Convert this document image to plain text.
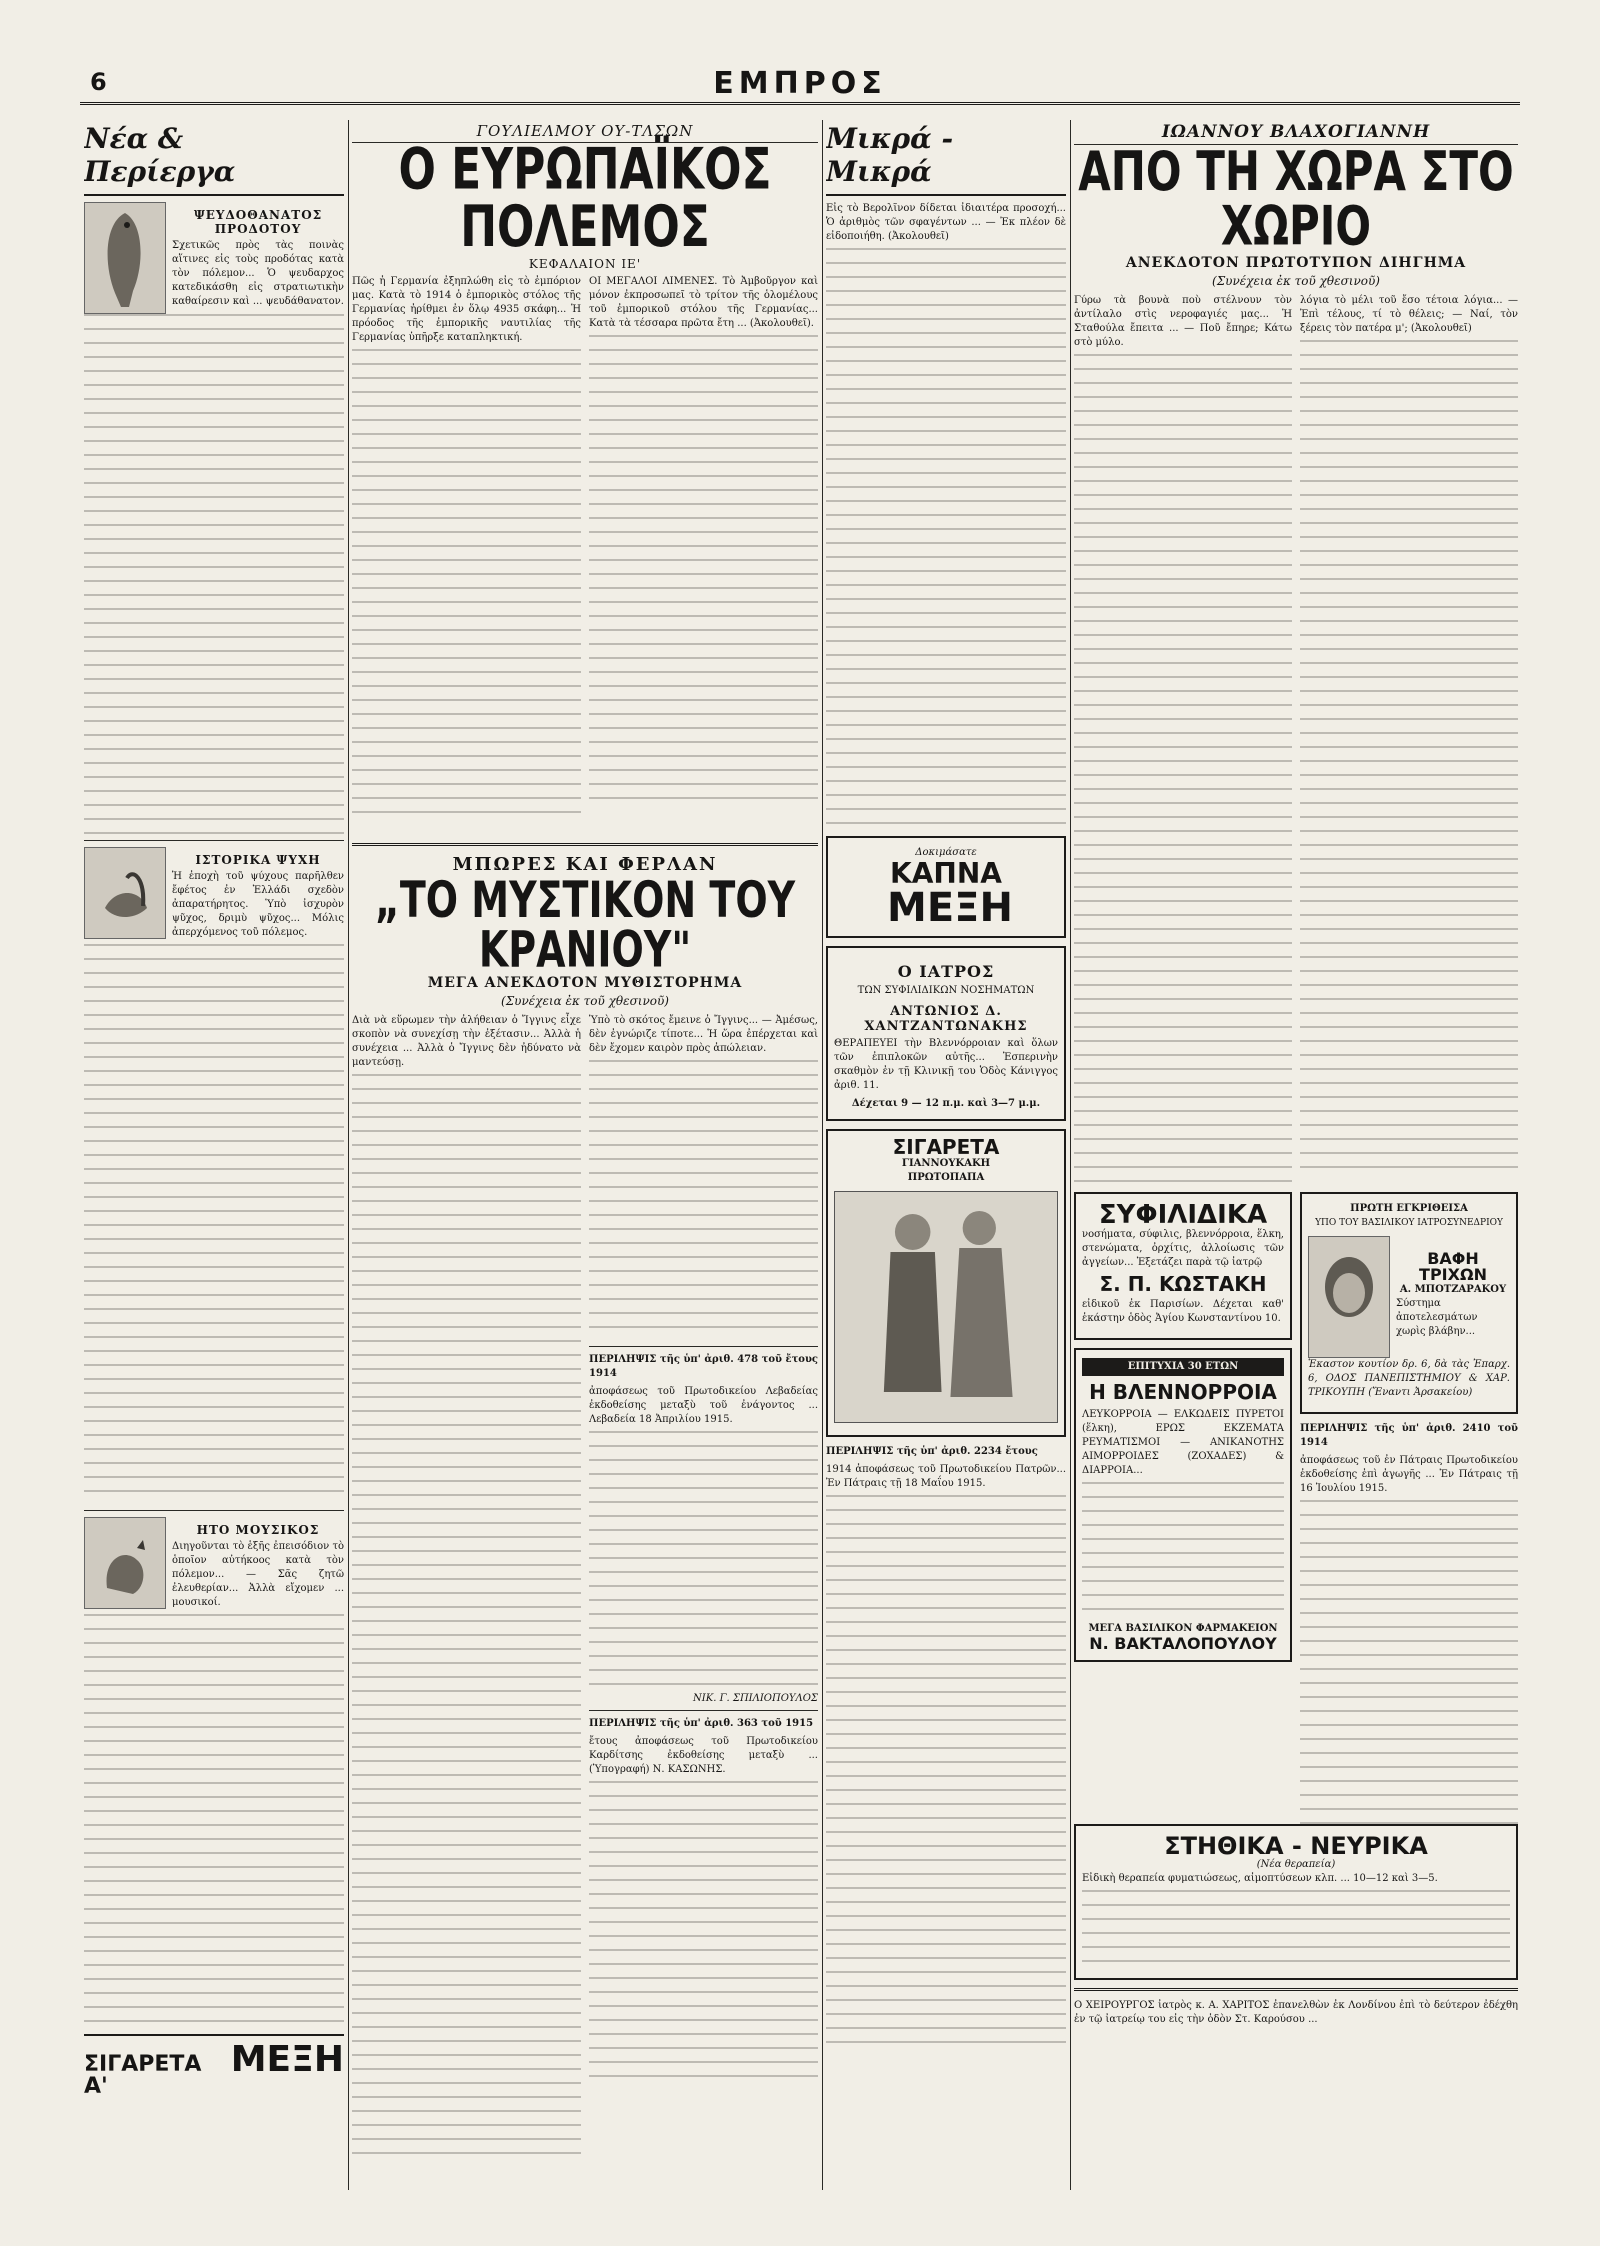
6	ΕΜΠΡΟΣ
Νέα & Περίεργα
ΨΕΥΔΟΘΑΝΑΤΟΣ ΠΡΟΔΟΤΟΥ

Σχετικῶς πρὸς τὰς ποινὰς αἵτινες εἰς τοὺς προδότας κατὰ τὸν πόλεμον... Ὁ ψευδαρχος κατεδικάσθη εἰς στρατιωτικὴν καθαίρεσιν καὶ ... ψευδάθανατον.

ΙΣΤΟΡΙΚΑ ΨΥΧΗ

Ἡ ἐποχὴ τοῦ ψύχους παρῆλθεν ἔφέτος ἐν Ἑλλάδι σχεδὸν ἀπαρατήρητος. Ὑπὸ ἰσχυρὸν ψῦχος, δριμὺ ψῦχος... Μόλις ἀπερχόμενος τοῦ πόλεμος.

ΗΤΟ ΜΟΥΣΙΚΟΣ

Διηγοῦνται τὸ ἑξῆς ἐπεισόδιον τὸ ὁποῖον αὐτήκοος κατὰ τὸν πόλεμον... — Σᾶς ζητῶ ἐλευθερίαν... Ἀλλὰ εἴχομεν ... μουσικοί.

ΣΙΓΑΡΕΤΑ Α'
ΜΕΞΗ
ΓΟΥΛΙΕΛΜΟΥ ΟΥ-ΤΛΣΩΝ
Ο ΕΥΡΩΠΑΪΚΟΣ ΠΟΛΕΜΟΣ
ΚΕΦΑΛΑΙΟΝ ΙΕ'

Πῶς ἡ Γερμανία ἐξηπλώθη εἰς τὸ ἐμπόριον μας. Κατὰ τὸ 1914 ὁ ἐμπορικὸς στόλος τῆς Γερμανίας ἠρίθμει ἐν ὅλῳ 4935 σκάφη... Ἡ πρόοδος τῆς ἐμπορικῆς ναυτιλίας τῆς Γερμανίας ὑπῆρξε καταπληκτική.

ΟΙ ΜΕΓΑΛΟΙ ΛΙΜΕΝΕΣ. Τὸ Ἀμβοῦργον καὶ μόνον ἐκπροσωπεῖ τὸ τρίτον τῆς ὁλομέλους τοῦ ἐμπορικοῦ στόλου τῆς Γερμανίας... Κατὰ τὰ τέσσαρα πρῶτα ἔτη ... (Ἀκολουθεῖ).

ΜΠΩΡΕΣ ΚΑΙ ΦΕΡΛΑΝ
„ΤΟ ΜΥΣΤΙΚΟΝ ΤΟΥ ΚΡΑΝΙΟΥ"
ΜΕΓΑ ΑΝΕΚΔΟΤΟΝ ΜΥΘΙΣΤΟΡΗΜΑ
(Συνέχεια ἐκ τοῦ χθεσινοῦ)

Διὰ νὰ εὕρωμεν τὴν ἀλήθειαν ὁ Ἴγγινς εἶχε σκοπὸν νὰ συνεχίσῃ τὴν ἐξέτασιν... Ἀλλὰ ἡ συνέχεια ... Ἀλλὰ ὁ Ἴγγινς δὲν ἠδύνατο νὰ μαντεύσῃ.

Ὑπὸ τὸ σκότος ἔμεινε ὁ Ἴγγινς... — Ἀμέσως, δὲν ἐγνώριζε τίποτε... Ἡ ὥρα ἐπέρχεται καὶ δὲν ἔχομεν καιρὸν πρὸς ἀπώλειαν.

ΠΕΡΙΛΗΨΙΣ τῆς ὑπ' ἀριθ. 478 τοῦ ἔτους 1914

ἀποφάσεως τοῦ Πρωτοδικείου Λεβαδείας ἐκδοθείσης μεταξὺ τοῦ ἐνάγοντος ... Λεβαδεία 18 Ἀπριλίου 1915.

ΝΙΚ. Γ. ΣΠΙΛΙΟΠΟΥΛΟΣ

ΠΕΡΙΛΗΨΙΣ τῆς ὑπ' ἀριθ. 363 τοῦ 1915

ἔτους ἀποφάσεως τοῦ Πρωτοδικείου Καρδίτσης ἐκδοθείσης μεταξὺ ... (Ὑπογραφή) Ν. ΚΑΣΩΝΗΣ.

Μικρά - Μικρά

Εἰς τὸ Βερολῖνον δίδεται ἰδιαιτέρα προσοχή... Ὁ ἀριθμὸς τῶν σφαγέντων ... — Ἐκ πλέον δὲ εἰδοποιήθη. (Ἀκολουθεῖ)

Δοκιμάσατε
ΚΑΠΝΑ ΜΕΞΗ
Ο ΙΑΤΡΟΣ
ΤΩΝ ΣΥΦΙΛΙΔΙΚΩΝ ΝΟΣΗΜΑΤΩΝ
ΑΝΤΩΝΙΟΣ Δ. ΧΑΝΤΖΑΝΤΩΝΑΚΗΣ

ΘΕΡΑΠΕΥΕΙ τὴν Βλεννόρροιαν καὶ ὅλων τῶν ἐπιπλοκῶν αὐτῆς... Ἑσπερινὴν σκαθμὸν ἐν τῇ Κλινικῇ του Ὁδὸς Κάνιγγος ἀριθ. 11.

Δέχεται 9 — 12 π.μ. καὶ 3—7 μ.μ.
ΣΙΓΑΡΕΤΑ
ΓΙΑΝΝΟΥΚΑΚΗ
ΠΡΩΤΟΠΑΠΑ

ΠΕΡΙΛΗΨΙΣ τῆς ὑπ' ἀριθ. 2234 ἔτους

1914 ἀποφάσεως τοῦ Πρωτοδικείου Πατρῶν... Ἐν Πάτραις τῇ 18 Μαΐου 1915.

ΙΩΑΝΝΟΥ ΒΛΑΧΟΓΙΑΝΝΗ
ΑΠΟ ΤΗ ΧΩΡΑ ΣΤΟ ΧΩΡΙΟ
ΑΝΕΚΔΟΤΟΝ ΠΡΩΤΟΤΥΠΟΝ ΔΙΗΓΗΜΑ
(Συνέχεια ἐκ τοῦ χθεσινοῦ)

Γύρω τὰ βουνὰ ποὺ στέλνουν τὸν ἀντίλαλο στὶς νεροφαγιές μας... Ἡ Σταθούλα ἔπειτα ... — Ποῦ ἔπηρε; Κάτω στὸ μύλο.

λόγια τὸ μέλι τοῦ ἔσο τέτοια λόγια... — Ἐπὶ τέλους, τί τὸ θέλεις; — Ναί, τὸν ξέρεις τὸν πατέρα μ'; (Ἀκολουθεῖ)

ΣΥΦΙΛΙΔΙΚΑ

νοσήματα, σύφιλις, βλεννόρροια, ἕλκη, στενώματα, ὀρχίτις, ἀλλοίωσις τῶν ἀγγείων... Ἐξετάζει παρὰ τῷ ἰατρῷ

Σ. Π. ΚΩΣΤΑΚΗ

εἰδικοῦ ἐκ Παρισίων. Δέχεται καθ' ἑκάστην ὁδὸς Ἀγίου Κωνσταντίνου 10.

ΕΠΙΤΥΧΙΑ 30 ΕΤΩΝ
Η ΒΛΕΝΝΟΡΡΟΙΑ

ΛΕΥΚΟΡΡΟΙΑ — ΕΛΚΩΔΕΙΣ ΠΥΡΕΤΟΙ (ἕλκη), ΕΡΩΣ ΕΚΖΕΜΑΤΑ ΡΕΥΜΑΤΙΣΜΟΙ — ΑΝΙΚΑΝΟΤΗΣ ΑΙΜΟΡΡΟΙΔΕΣ (ΖΟΧΑΔΕΣ) & ΔΙΑΡΡΟΙΑ...

ΜΕΓΑ ΒΑΣΙΛΙΚΟΝ ΦΑΡΜΑΚΕΙΟΝ
Ν. ΒΑΚΤΑΛΟΠΟΥΛΟΥ
ΠΡΩΤΗ ΕΓΚΡΙΘΕΙΣΑ
ΥΠΟ ΤΟΥ ΒΑΣΙΛΙΚΟΥ ΙΑΤΡΟΣΥΝΕΔΡΙΟΥ
ΒΑΦΗ ΤΡΙΧΩΝ
Α. ΜΠΟΤΖΑΡΑΚΟΥ

Σύστημα ἀποτελεσμάτων χωρὶς βλάβην...

Ἑκαστον κουτίον δρ. 6, δὰ τὰς Ἐπαρχ. 6, ΟΔΟΣ ΠΑΝΕΠΙΣΤΗΜΙΟΥ & ΧΑΡ. ΤΡΙΚΟΥΠΗ (Ἔναντι Ἀρσακείου)

ΠΕΡΙΛΗΨΙΣ τῆς ὑπ' ἀριθ. 2410 τοῦ 1914

ἀποφάσεως τοῦ ἐν Πάτραις Πρωτοδικείου ἐκδοθείσης ἐπὶ ἀγωγῆς ... Ἐν Πάτραις τῇ 16 Ἰουλίου 1915.

ΣΤΗΘΙΚΑ - ΝΕΥΡΙΚΑ
(Νέα θεραπεία)

Εἰδικὴ θεραπεία φυματιώσεως, αἱμοπτύσεων κλπ. ... 10—12 καὶ 3—5.

Ο ΧΕΙΡΟΥΡΓΟΣ ἰατρὸς κ. Α. ΧΑΡΙΤΟΣ ἐπανελθὼν ἐκ Λονδίνου ἐπὶ τὸ δεύτερον ἐδέχθη ἐν τῷ ἰατρείῳ του εἰς τὴν ὁδὸν Στ. Καρούσου ...
